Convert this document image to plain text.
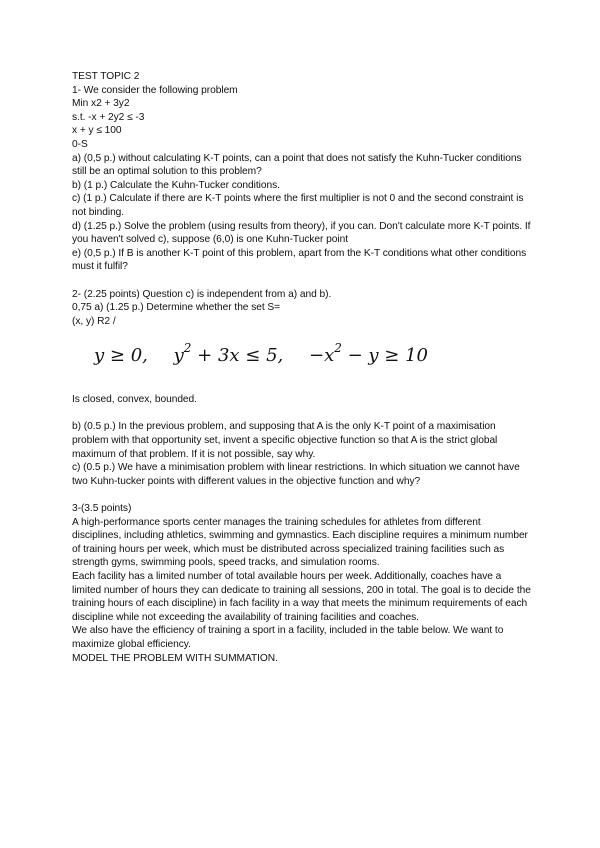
TEST TOPIC 2
1- We consider the following problem
Min x2 + 3y2
s.t. -x + 2y2 ≤ -3
x + y ≤ 100
0-S
a) (0,5 p.) without calculating K-T points, can a point that does not satisfy the Kuhn-Tucker conditions still be an optimal solution to this problem?
b) (1 p.) Calculate the Kuhn-Tucker conditions.
c) (1 p.) Calculate if there are K-T points where the first multiplier is not 0 and the second constraint is not binding.
d) (1.25 p.) Solve the problem (using results from theory), if you can. Don't calculate more K-T points. If you haven't solved c), suppose (6,0) is one Kuhn-Tucker point
e) (0,5 p.) If B is another K-T point of this problem, apart from the K-T conditions what other conditions must it fulfil?
2- (2.25 points) Question c) is independent from a) and b).
0,75 a) (1.25 p.) Determine whether the set S=
(x, y) R2 /
y ≥ 0, $y^2 + 3x \le 5$, $-x^2 - y \ge 10$
Is closed, convex, bounded.
b) (0.5 p.) In the previous problem, and supposing that A is the only K-T point of a maximisation problem with that opportunity set, invent a specific objective function so that A is the strict global maximum of that problem. If it is not possible, say why.
c) (0.5 p.) We have a minimisation problem with linear restrictions. In which situation we cannot have two Kuhn-tucker points with different values in the objective function and why?
3-(3.5 points)
A high-performance sports center manages the training schedules for athletes from different disciplines, including athletics, swimming and gymnastics. Each discipline requires a minimum number of training hours per week, which must be distributed across specialized training facilities such as strength gyms, swimming pools, speed tracks, and simulation rooms.
Each facility has a limited number of total available hours per week. Additionally, coaches have a limited number of hours they can dedicate to training all sessions, 200 in total. The goal is to decide the training hours of each discipline) in fach facility in a way that meets the minimum requirements of each discipline while not exceeding the availability of training facilities and coaches.
We also have the efficiency of training a sport in a facility, included in the table below. We want to maximize global efficiency.
MODEL THE PROBLEM WITH SUMMATION.
